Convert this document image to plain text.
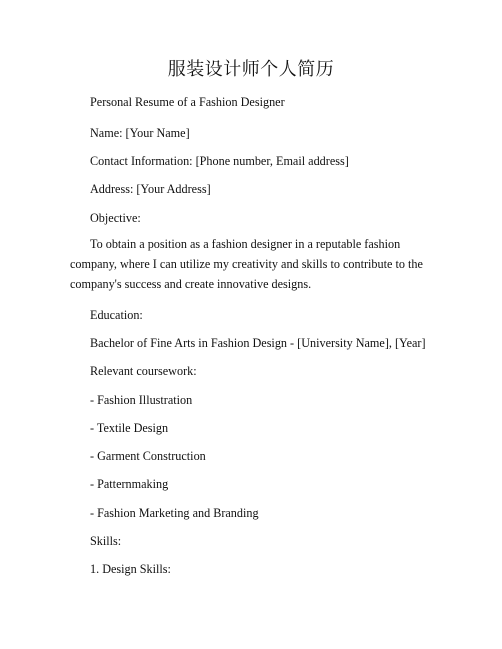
服装设计师个人简历

Personal Resume of a Fashion Designer

Name: [Your Name]

Contact Information: [Phone number, Email address]

Address: [Your Address]

Objective:

To obtain a position as a fashion designer in a reputable fashion
company, where I can utilize my creativity and skills to contribute to the
company's success and create innovative designs.

Education:

Bachelor of Fine Arts in Fashion Design - [University Name], [Year]

Relevant coursework:

- Fashion Illustration

- Textile Design

- Garment Construction

- Patternmaking

- Fashion Marketing and Branding

Skills:

1. Design Skills:
